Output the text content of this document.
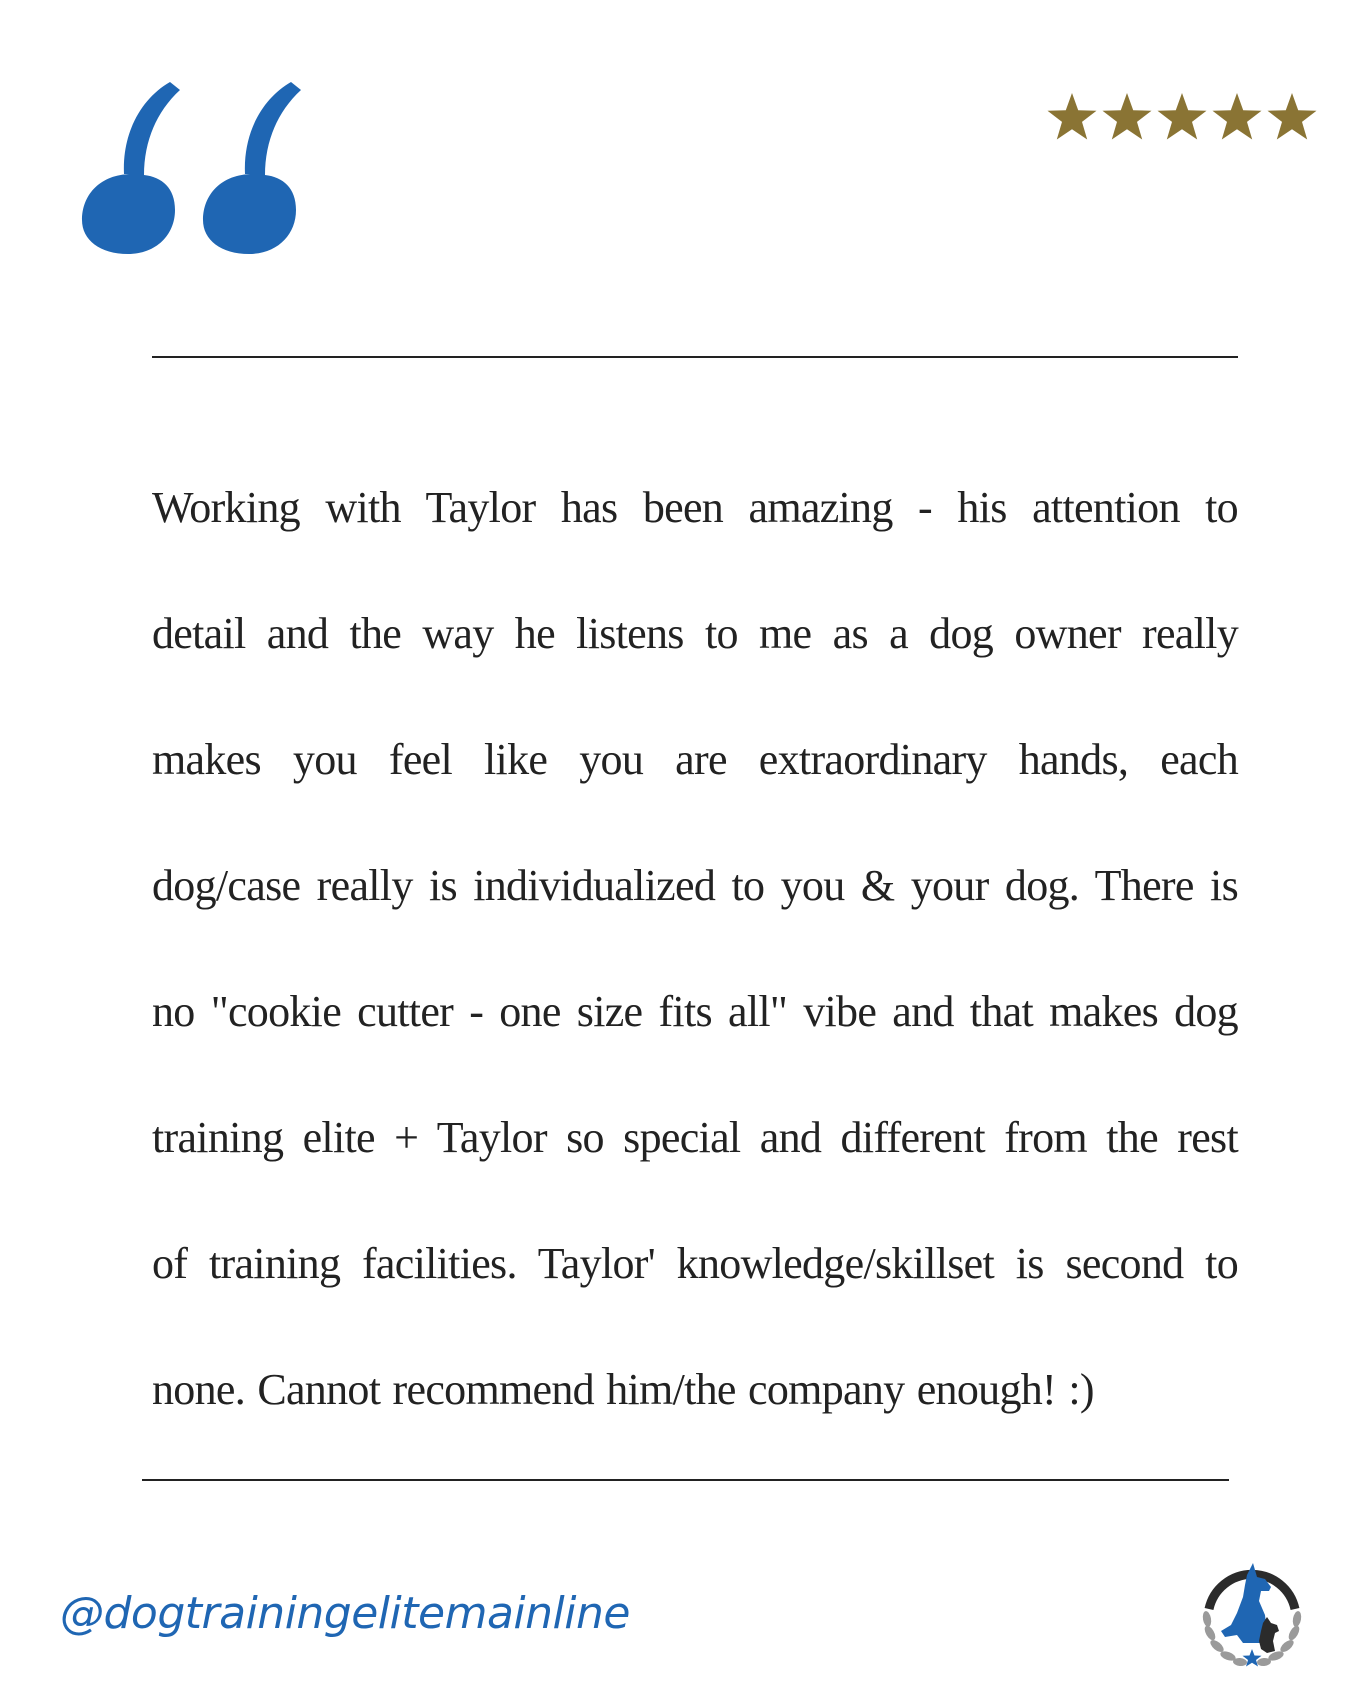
Working with Taylor has been amazing - his attention to
detail and the way he listens to me as a dog owner really
makes you feel like you are extraordinary hands, each
dog/case really is individualized to you & your dog. There is
no "cookie cutter - one size fits all" vibe and that makes dog
training elite + Taylor so special and different from the rest
of training facilities. Taylor' knowledge/skillset is second to
none. Cannot recommend him/the company enough! :)
@dogtrainingelitemainline
